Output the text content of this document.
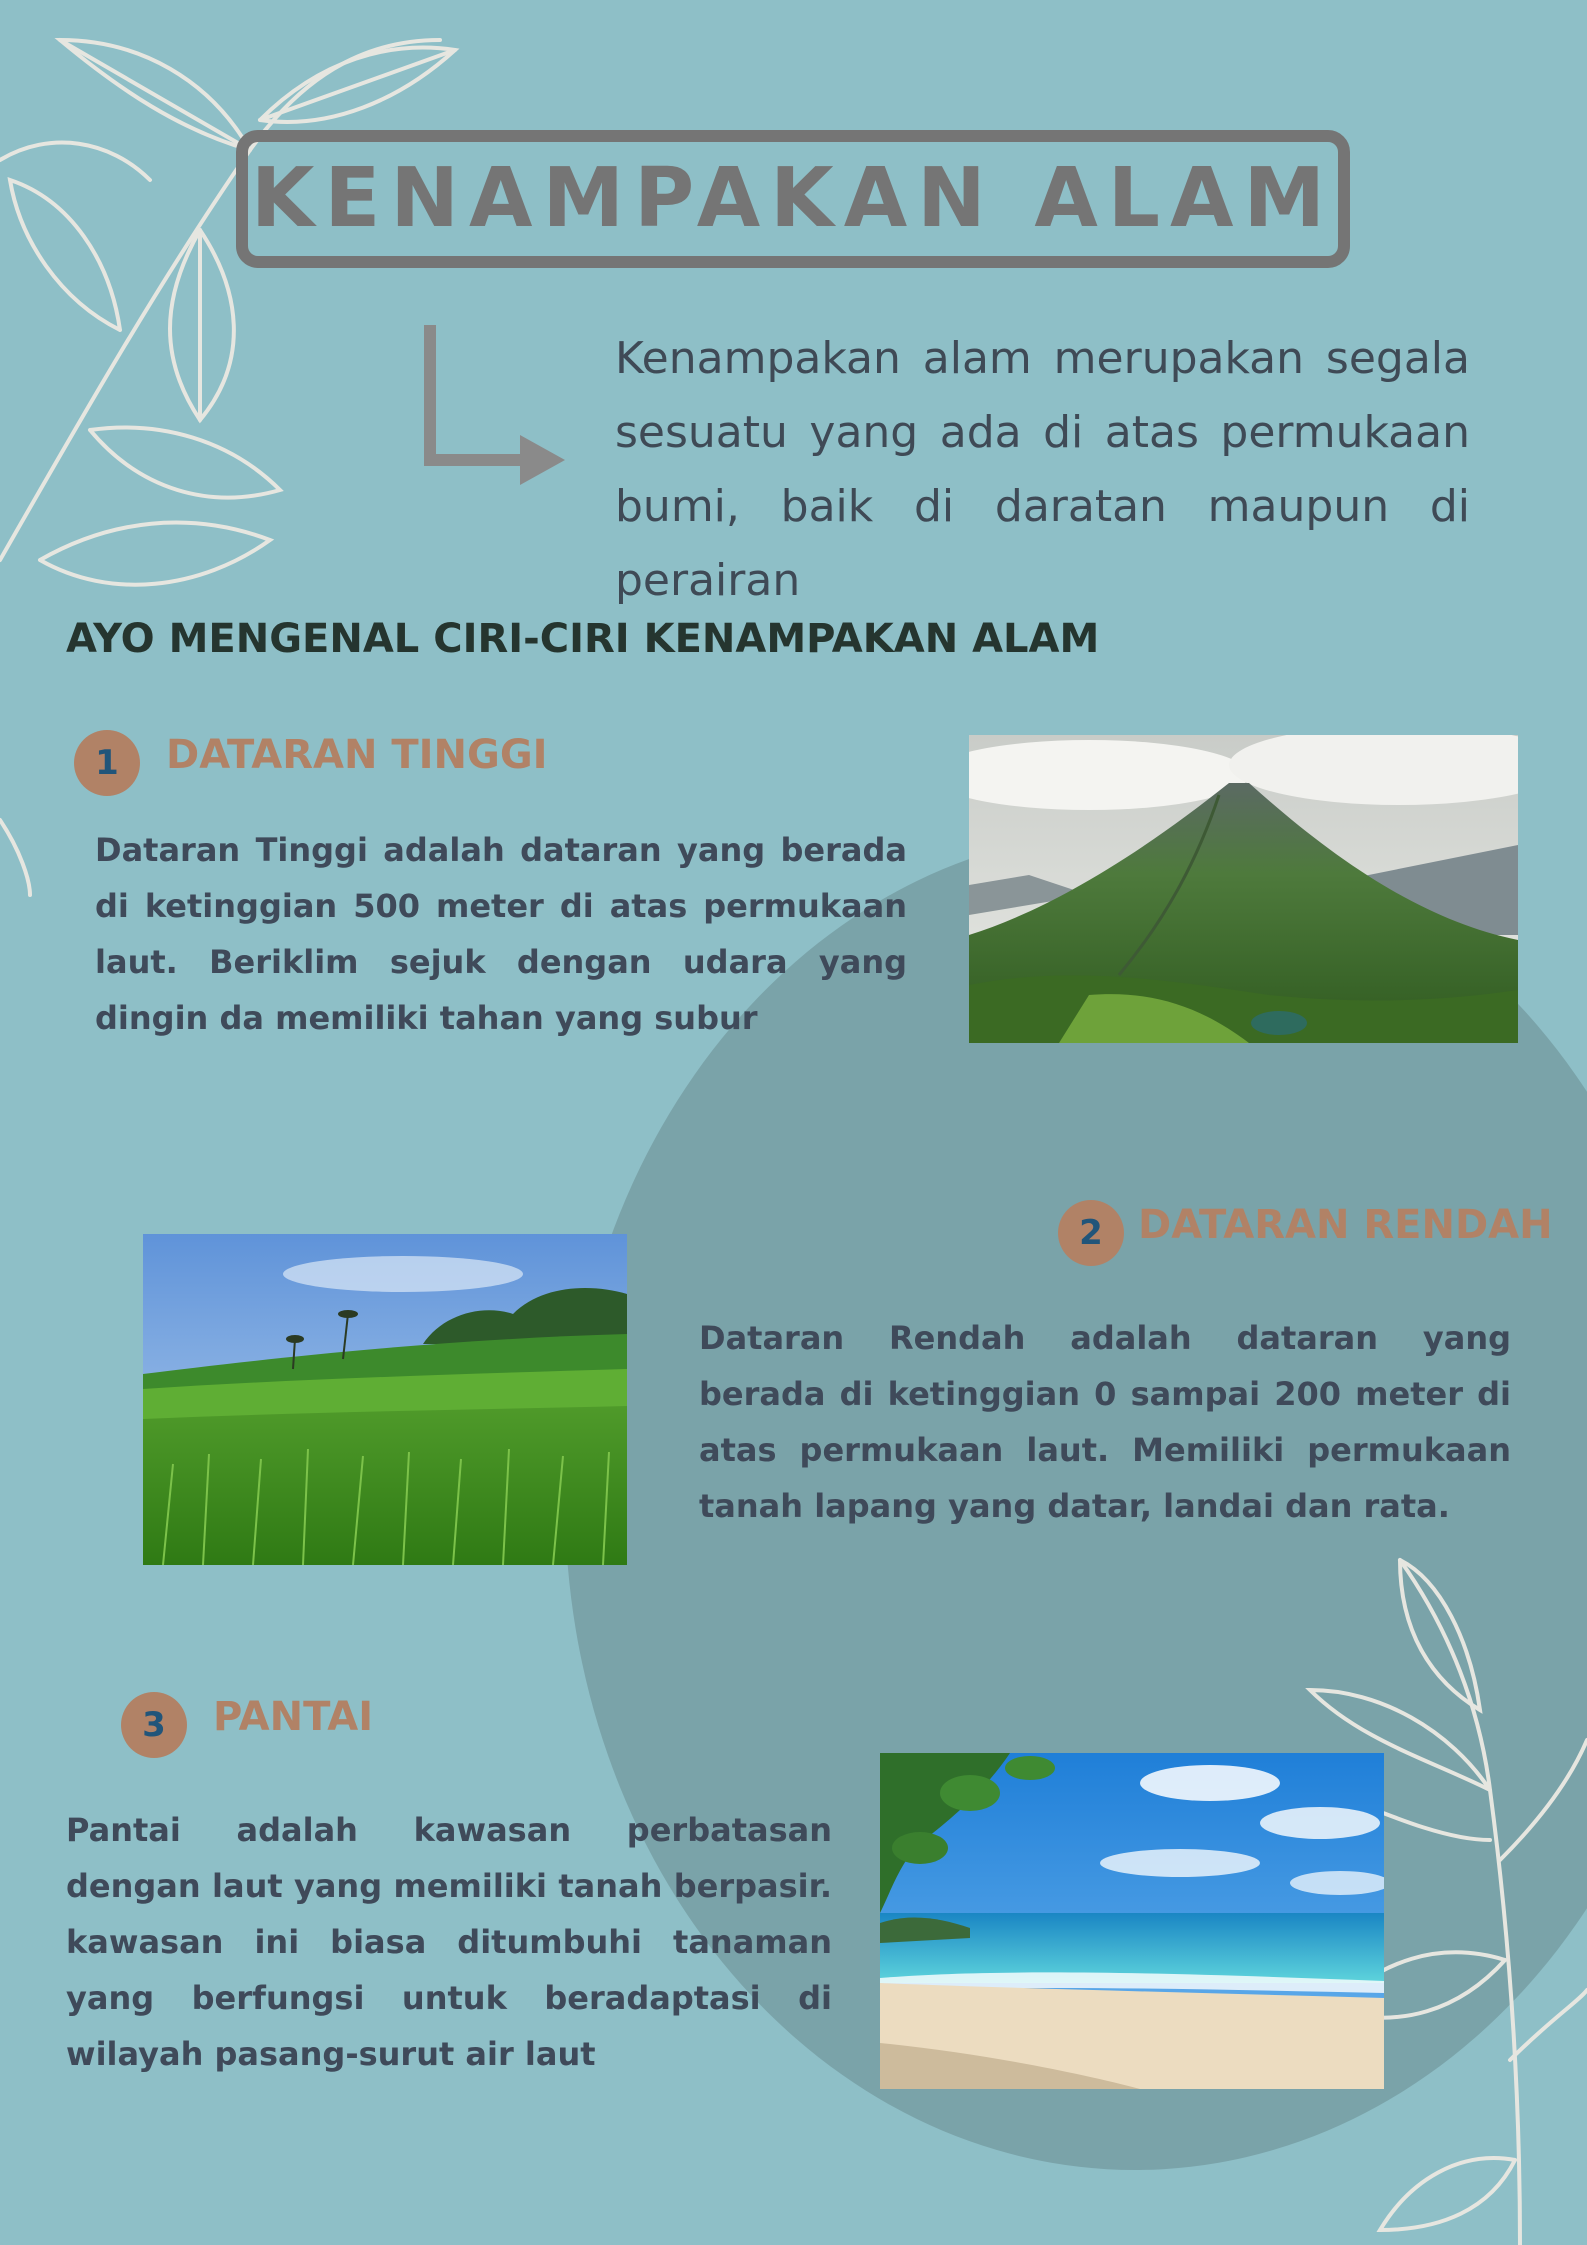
KENAMPAKAN ALAM
Kenampakan alam merupakan segala
sesuatu yang ada di atas permukaan
bumi, baik di daratan maupun di perairan
AYO MENGENAL CIRI-CIRI KENAMPAKAN ALAM
1	DATARAN TINGGI
Dataran Tinggi adalah dataran yang berada
di ketinggian 500 meter di atas permukaan
laut. Beriklim sejuk dengan udara yang
dingin da memiliki tahan yang subur
2 DATARAN RENDAH
Dataran Rendah adalah dataran yang
berada di ketinggian 0 sampai 200 meter di
atas permukaan laut. Memiliki permukaan
tanah lapang yang datar, landai dan rata.
3	PANTAI
Pantai adalah kawasan perbatasan
dengan laut yang memiliki tanah berpasir.
kawasan ini biasa ditumbuhi tanaman
yang berfungsi untuk beradaptasi di
wilayah pasang-surut air laut
